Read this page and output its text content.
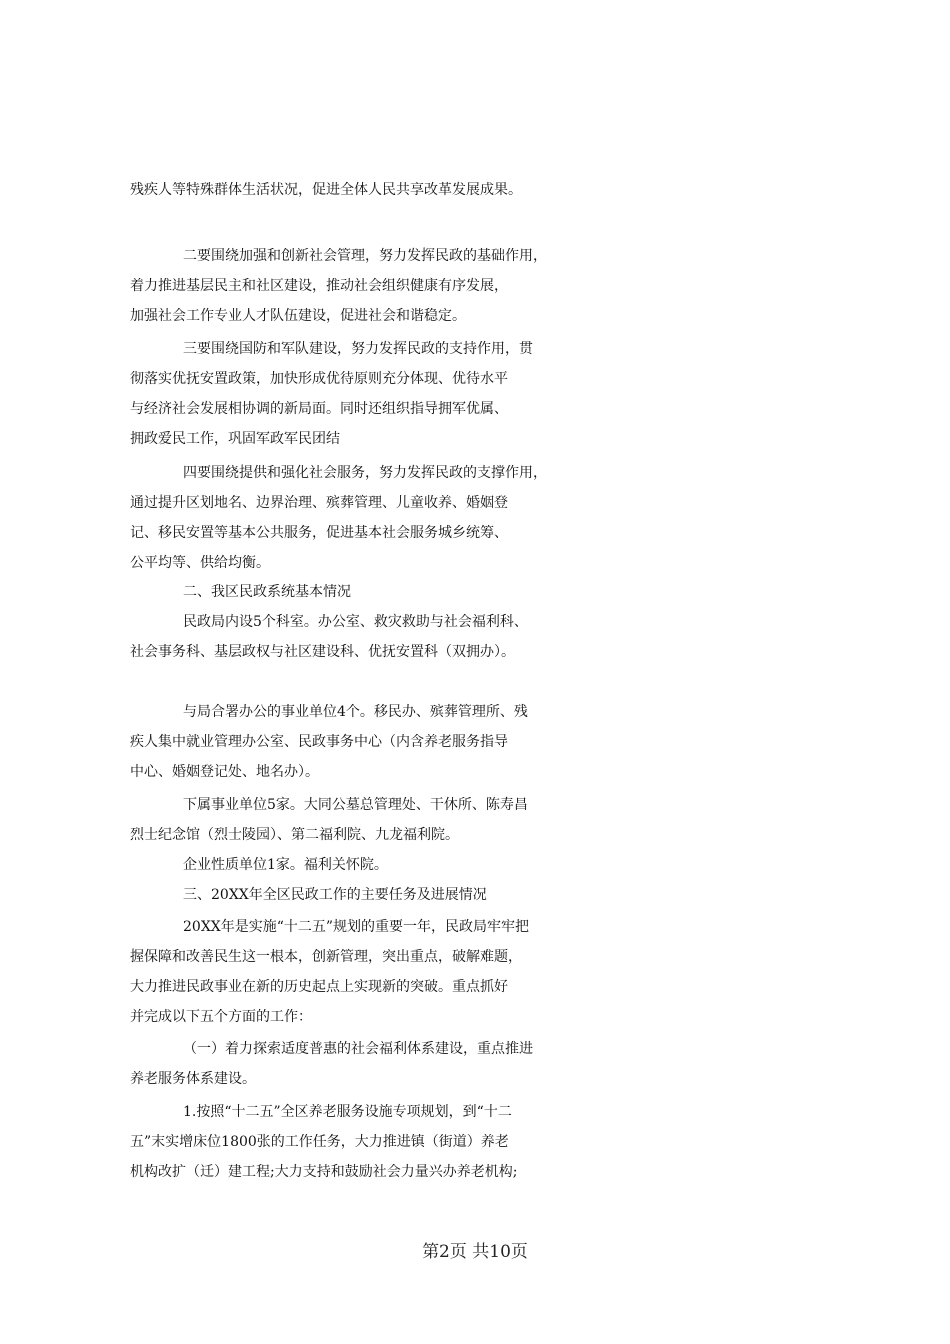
残疾人等特殊群体生活状况，促进全体人民共享改革发展成果。
二要围绕加强和创新社会管理，努力发挥民政的基础作用，
着力推进基层民主和社区建设，推动社会组织健康有序发展，
加强社会工作专业人才队伍建设，促进社会和谐稳定。
三要围绕国防和军队建设，努力发挥民政的支持作用，贯
彻落实优抚安置政策，加快形成优待原则充分体现、优待水平
与经济社会发展相协调的新局面。同时还组织指导拥军优属、
拥政爱民工作，巩固军政军民团结
四要围绕提供和强化社会服务，努力发挥民政的支撑作用，
通过提升区划地名、边界治理、殡葬管理、儿童收养、婚姻登
记、移民安置等基本公共服务，促进基本社会服务城乡统筹、
公平均等、供给均衡。
二、我区民政系统基本情况
民政局内设5个科室。办公室、救灾救助与社会福利科、
社会事务科、基层政权与社区建设科、优抚安置科（双拥办）。
与局合署办公的事业单位4个。移民办、殡葬管理所、残
疾人集中就业管理办公室、民政事务中心（内含养老服务指导
中心、婚姻登记处、地名办）。
下属事业单位5家。大同公墓总管理处、干休所、陈寿昌
烈士纪念馆（烈士陵园）、第二福利院、九龙福利院。
企业性质单位1家。福利关怀院。
三、20XX年全区民政工作的主要任务及进展情况
20XX年是实施“十二五”规划的重要一年，民政局牢牢把
握保障和改善民生这一根本，创新管理，突出重点，破解难题，
大力推进民政事业在新的历史起点上实现新的突破。重点抓好
并完成以下五个方面的工作：
（一）着力探索适度普惠的社会福利体系建设，重点推进
养老服务体系建设。
1.按照“十二五”全区养老服务设施专项规划，到“十二
五”末实增床位1800张的工作任务，大力推进镇（街道）养老
机构改扩（迁）建工程;大力支持和鼓励社会力量兴办养老机构;
第2页 共10页
